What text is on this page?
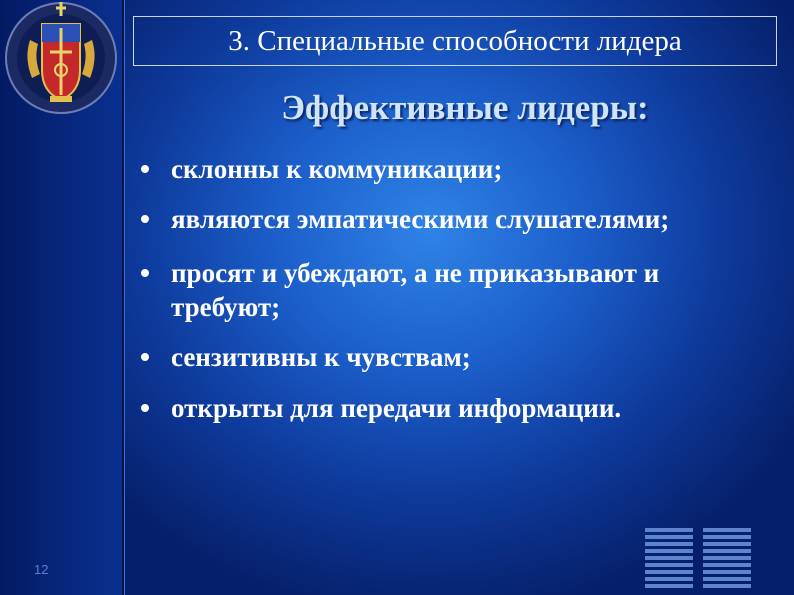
12
3. Специальные способности лидера
Эффективные лидеры:
склонны к коммуникации;
являются эмпатическими слушателями;
просят и убеждают, а не приказывают и требуют;
сензитивны к чувствам;
открыты для передачи информации.
